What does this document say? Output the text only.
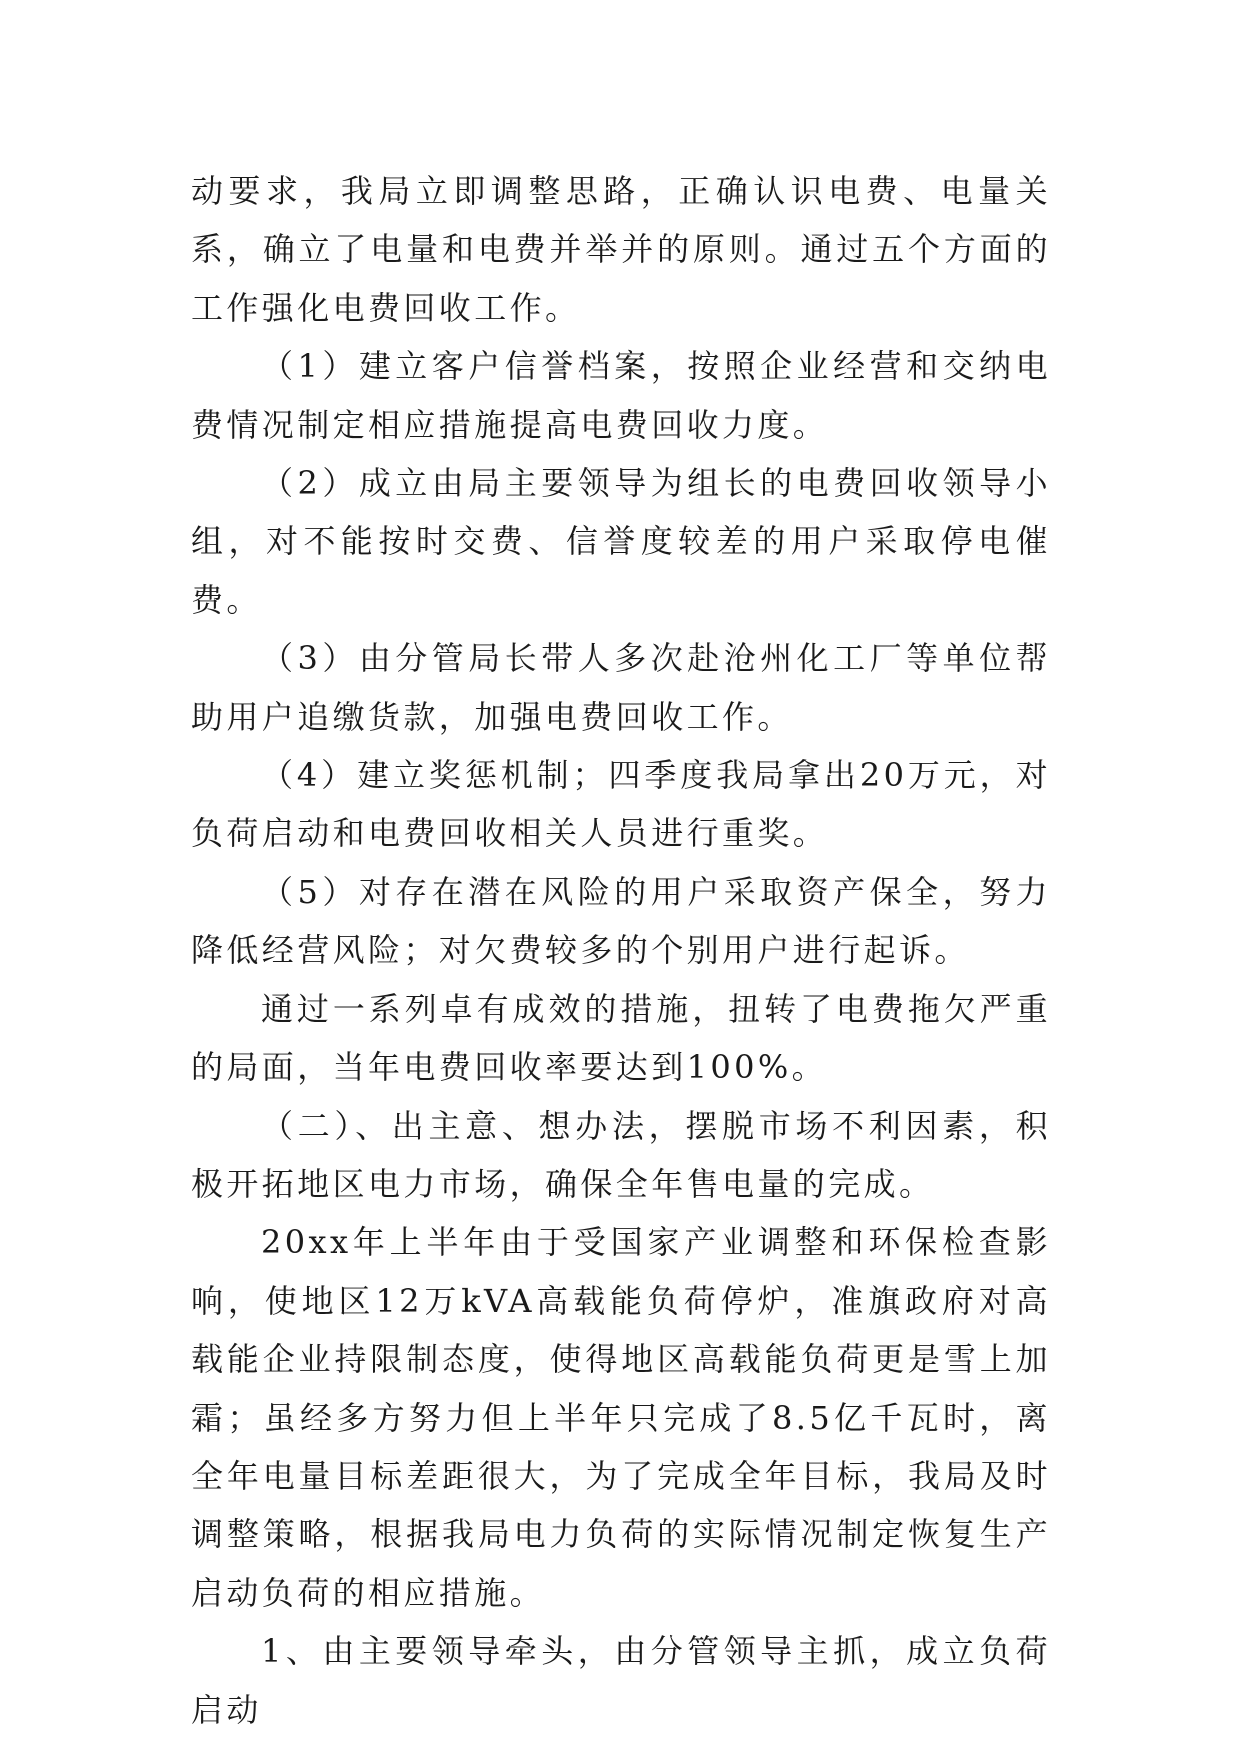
动要求，我局立即调整思路，正确认识电费、电量关系，确立了电量和电费并举并的原则。通过五个方面的工作强化电费回收工作。

（1）建立客户信誉档案，按照企业经营和交纳电费情况制定相应措施提高电费回收力度。

（2）成立由局主要领导为组长的电费回收领导小组，对不能按时交费、信誉度较差的用户采取停电催费。

（3）由分管局长带人多次赴沧州化工厂等单位帮助用户追缴货款，加强电费回收工作。

（4）建立奖惩机制；四季度我局拿出20万元，对负荷启动和电费回收相关人员进行重奖。

（5）对存在潜在风险的用户采取资产保全，努力降低经营风险；对欠费较多的个别用户进行起诉。

通过一系列卓有成效的措施，扭转了电费拖欠严重的局面，当年电费回收率要达到100%。

（二）、出主意、想办法，摆脱市场不利因素，积极开拓地区电力市场，确保全年售电量的完成。

20xx年上半年由于受国家产业调整和环保检查影响，使地区12万kVA高载能负荷停炉，准旗政府对高载能企业持限制态度，使得地区高载能负荷更是雪上加霜；虽经多方努力但上半年只完成了8.5亿千瓦时，离全年电量目标差距很大，为了完成全年目标，我局及时调整策略，根据我局电力负荷的实际情况制定恢复生产启动负荷的相应措施。

1、由主要领导牵头，由分管领导主抓，成立负荷启动
